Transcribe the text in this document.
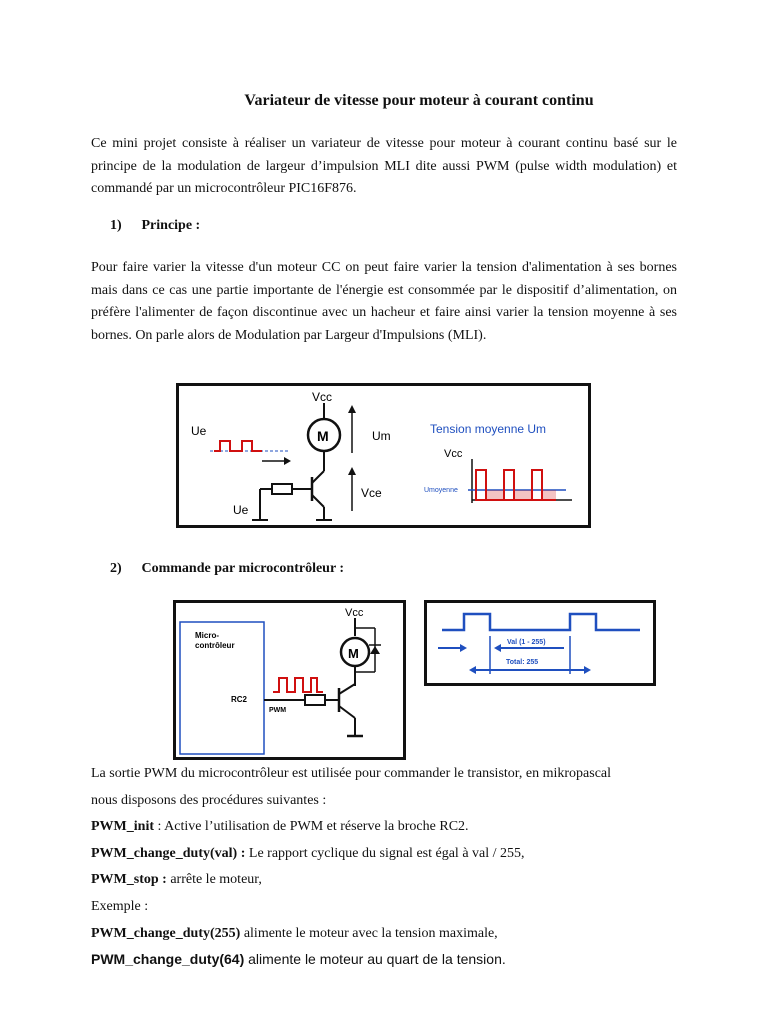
Variateur de vitesse pour moteur à courant continu
Ce mini projet consiste à réaliser un variateur de vitesse pour moteur à courant continu basé sur le principe de la modulation de largeur d’impulsion MLI dite aussi PWM (pulse width modulation) et commandé par un microcontrôleur PIC16F876.
1) Principe :
Pour faire varier la vitesse d'un moteur CC on peut faire varier la tension d'alimentation à ses bornes mais dans ce cas une partie importante de l'énergie est consommée par le dispositif d’alimentation, on préfère l'alimenter de façon discontinue avec un hacheur et faire ainsi varier la tension moyenne à ses bornes. On parle alors de Modulation par Largeur d'Impulsions (MLI).
Vcc
M
Ue
Ue	Um
Vce
Tension moyenne Um
Vcc
Umoyenne
2) Commande par microcontrôleur :
Micro-
contrôleur
RC2
PWM
Vcc
M
Val (1 - 255)
Total: 255
La sortie PWM du microcontrôleur est utilisée pour commander le transistor, en mikropascal
nous disposons des procédures suivantes :
PWM_init : Active l’utilisation de PWM et réserve la broche RC2.
PWM_change_duty(val) : Le rapport cyclique du signal est égal à val / 255,
PWM_stop : arrête le moteur,
Exemple :
PWM_change_duty(255) alimente le moteur avec la tension maximale,
PWM_change_duty(64) alimente le moteur au quart de la tension.
